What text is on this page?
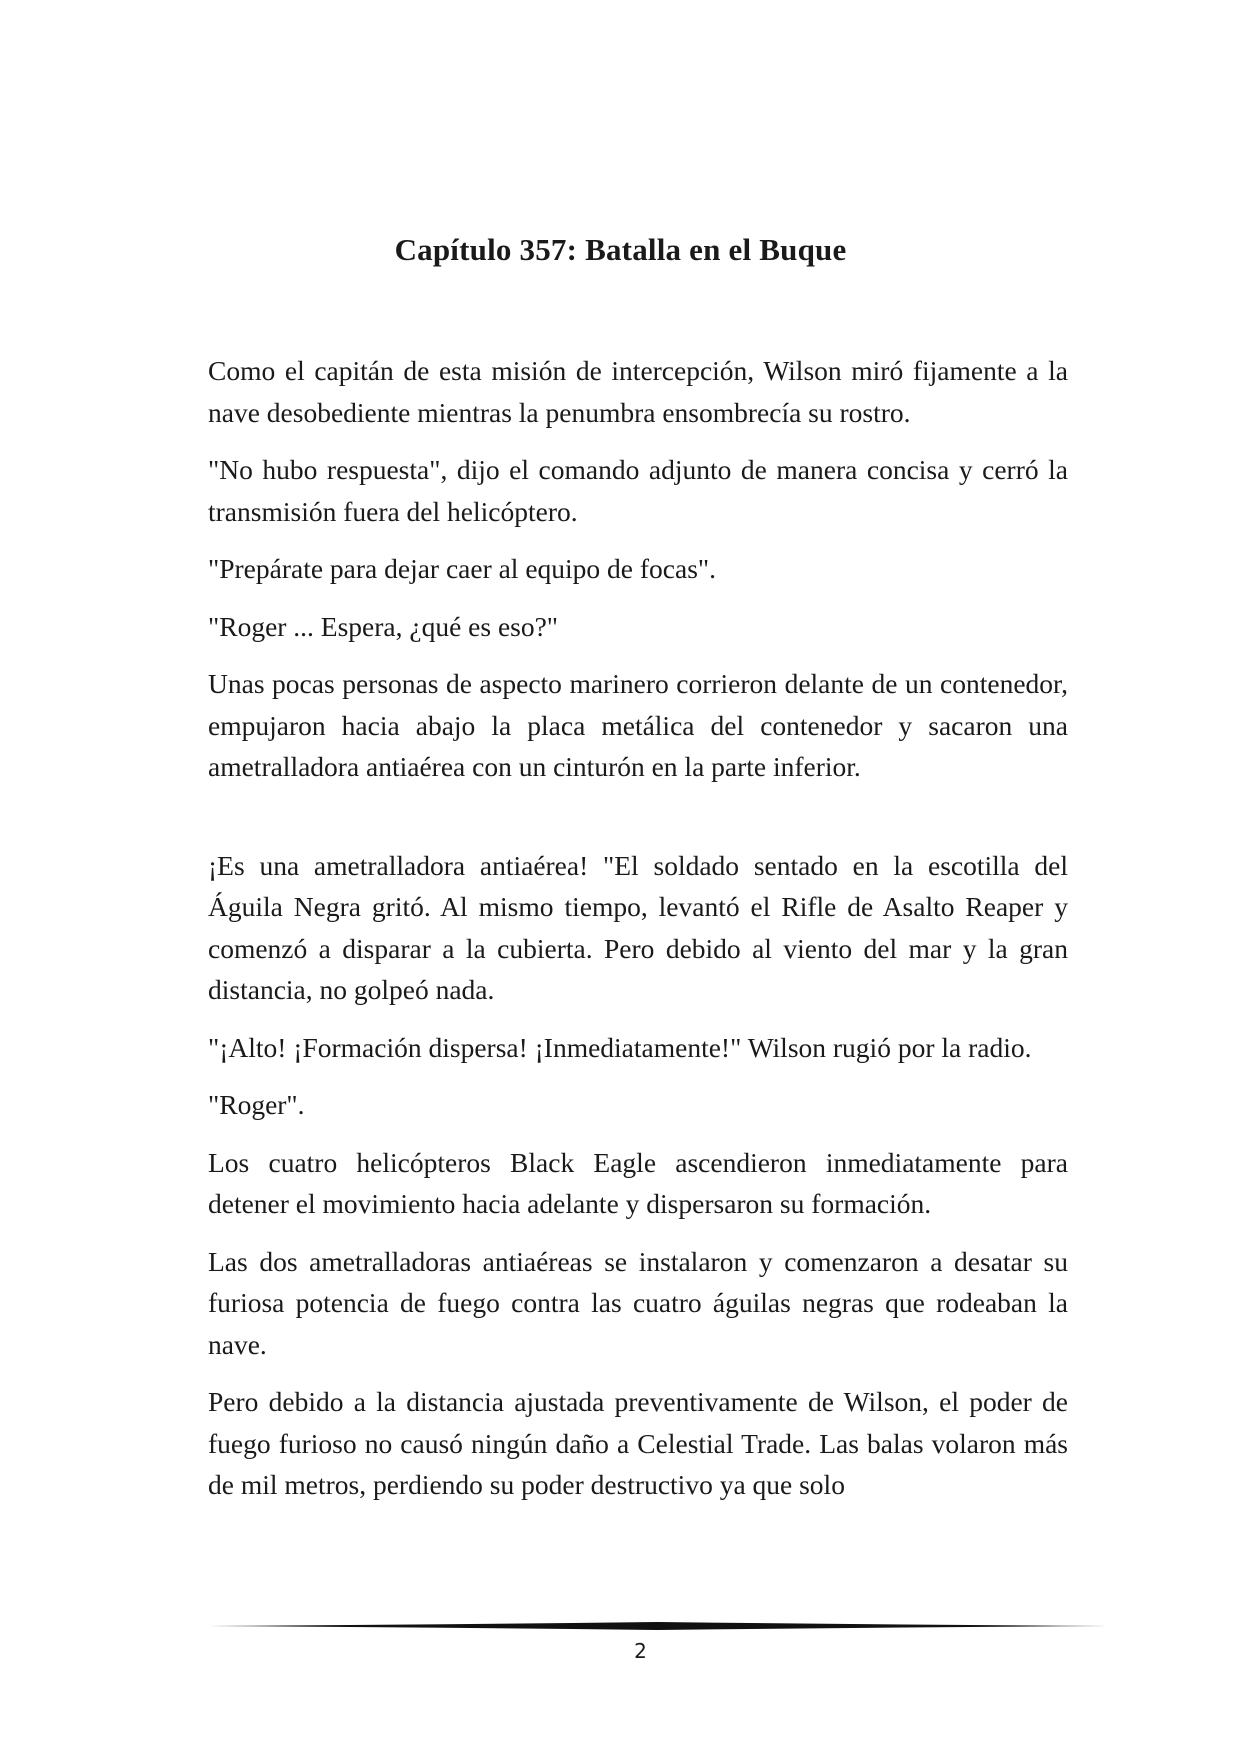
Capítulo 357: Batalla en el Buque

Como el capitán de esta misión de intercepción, Wilson miró fijamente a la nave desobediente mientras la penumbra ensombrecía su rostro.

"No hubo respuesta", dijo el comando adjunto de manera concisa y cerró la transmisión fuera del helicóptero.

"Prepárate para dejar caer al equipo de focas".

"Roger ... Espera, ¿qué es eso?"

Unas pocas personas de aspecto marinero corrieron delante de un contenedor, empujaron hacia abajo la placa metálica del contenedor y sacaron una ametralladora antiaérea con un cinturón en la parte inferior.

¡Es una ametralladora antiaérea! "El soldado sentado en la escotilla del Águila Negra gritó. Al mismo tiempo, levantó el Rifle de Asalto Reaper y comenzó a disparar a la cubierta. Pero debido al viento del mar y la gran distancia, no golpeó nada.

"¡Alto! ¡Formación dispersa! ¡Inmediatamente!" Wilson rugió por la radio.

"Roger".

Los cuatro helicópteros Black Eagle ascendieron inmediatamente para detener el movimiento hacia adelante y dispersaron su formación.

Las dos ametralladoras antiaéreas se instalaron y comenzaron a desatar su furiosa potencia de fuego contra las cuatro águilas negras que rodeaban la nave.

Pero debido a la distancia ajustada preventivamente de Wilson, el poder de fuego furioso no causó ningún daño a Celestial Trade. Las balas volaron más de mil metros, perdiendo su poder destructivo ya que solo

2
